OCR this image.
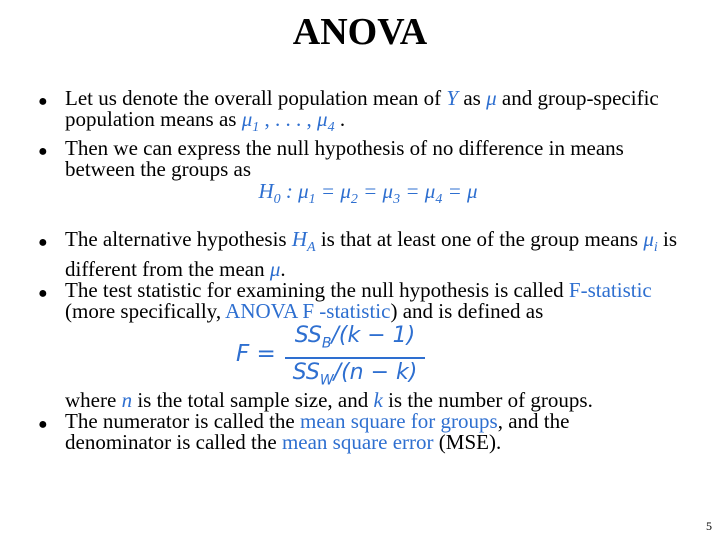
ANOVA
● Let us denote the overall population mean of Y as μ and group-specific population means as $\mu_1$ , . . . , $\mu_4$ .
● Then we can express the null hypothesis of no difference in means between the groups as
$H_0$ : $\mu_1 = \mu_2 = \mu_3 = \mu_4 = \mu$
● The alternative hypothesis $H_A$ is that at least one of the group means $\mu_i$ is different from the mean μ.
● The test statistic for examining the null hypothesis is called F-statistic (more specifically, ANOVA F -statistic) and is defined as
F =
$SS_B/(k - 1)$
$SS_W/(n - k)$
where n is the total sample size, and k is the number of groups.
● The numerator is called the mean square for groups, and the denominator is called the mean square error (MSE).
5
